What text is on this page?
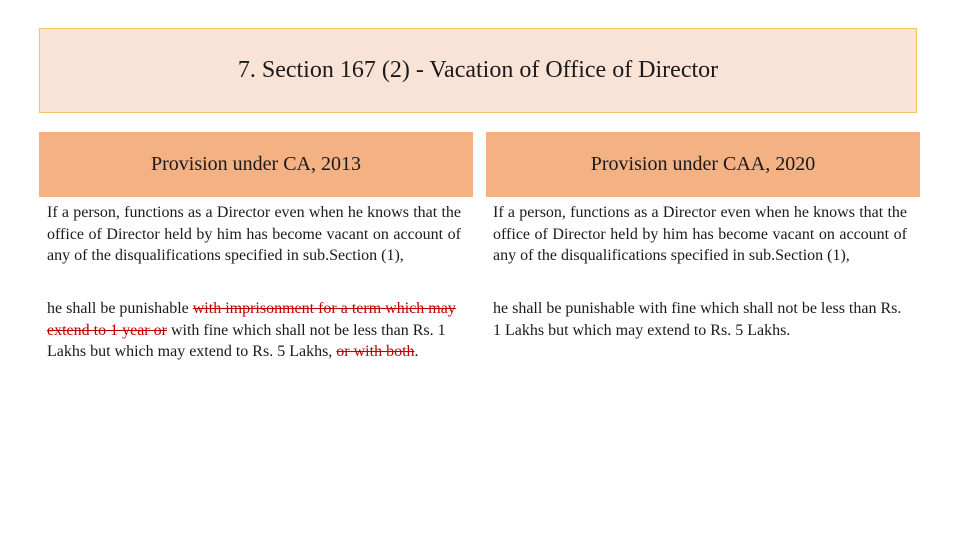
7. Section 167 (2) - Vacation of Office of Director
Provision under CA, 2013	Provision under CAA, 2020
If a person, functions as a Director even when he knows that the office of Director held by him has become vacant on account of any of the disqualifications specified in sub.Section (1),
If a person, functions as a Director even when he knows that the office of Director held by him has become vacant on account of any of the disqualifications specified in sub.Section (1),
he shall be punishable with imprisonment for a term which may extend to 1 year or with fine which shall not be less than Rs. 1 Lakhs but which may extend to Rs. 5 Lakhs, or with both.
he shall be punishable with fine which shall not be less than Rs. 1 Lakhs but which may extend to Rs. 5 Lakhs.
